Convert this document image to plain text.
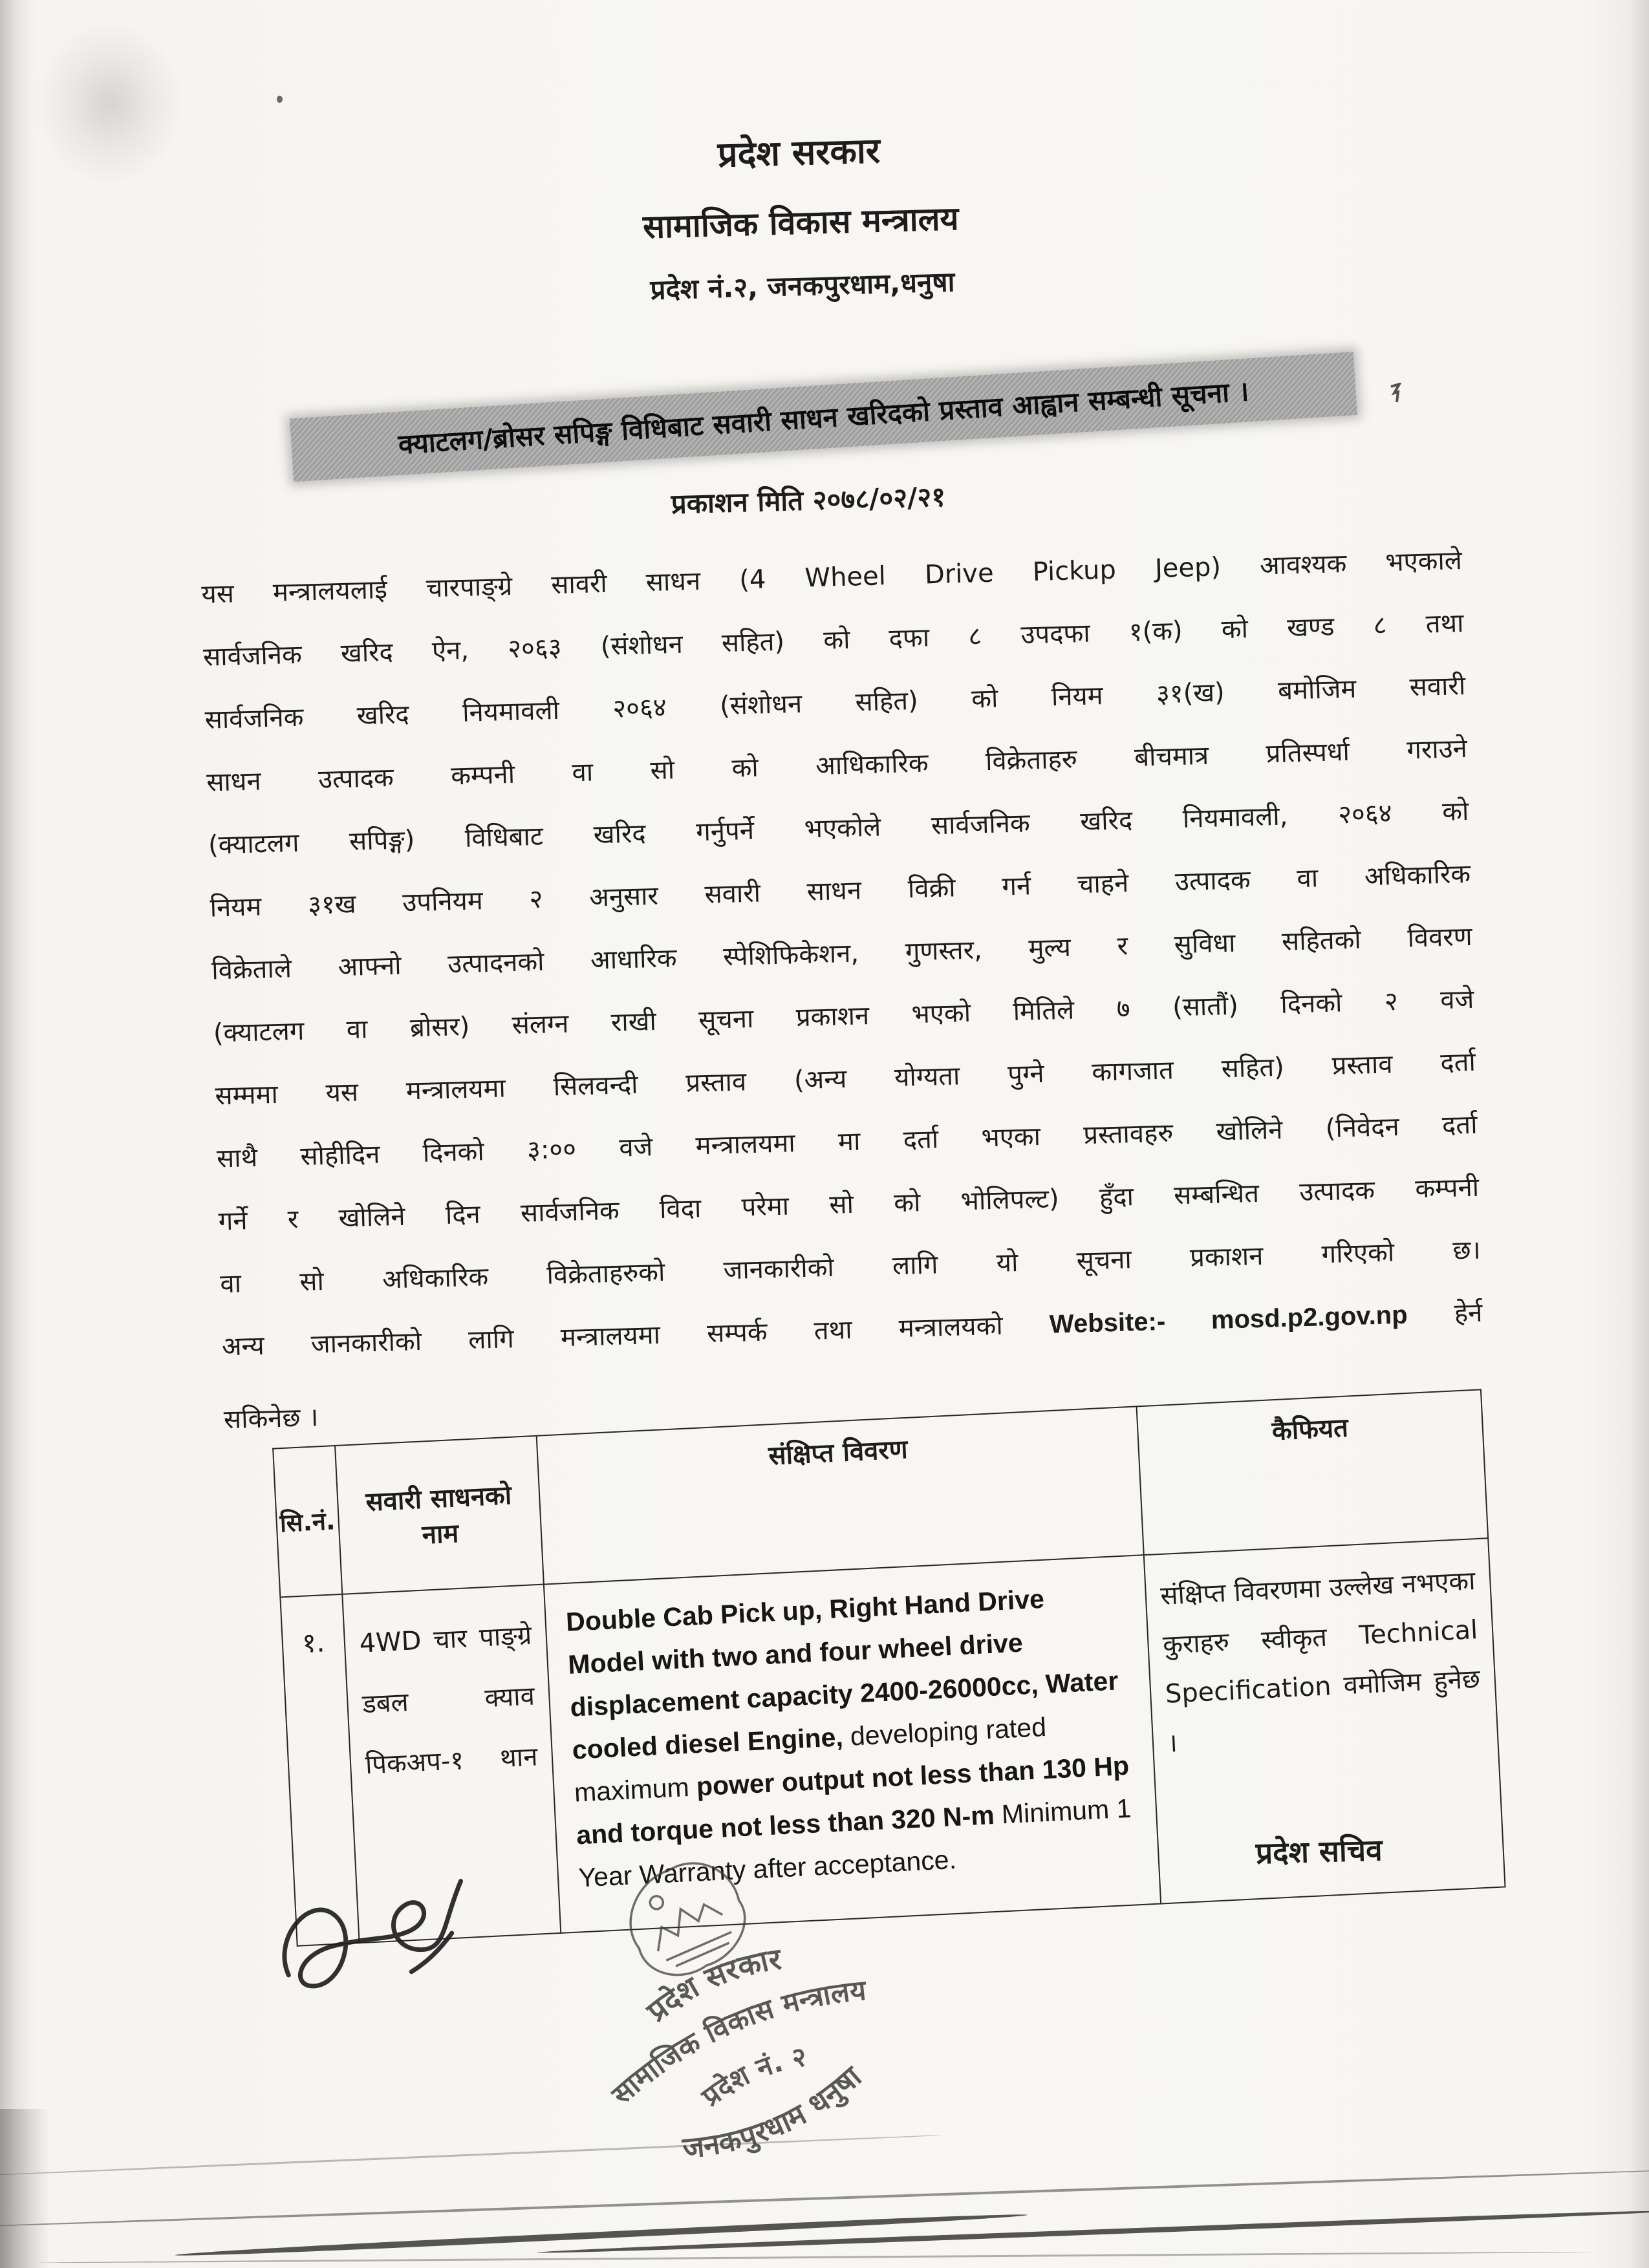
प्रदेश सरकार
सामाजिक विकास मन्त्रालय
प्रदेश नं.२, जनकपुरधाम,धनुषा
क्याटलग/ब्रोसर सपिङ्ग विधिबाट सवारी साधन खरिदको प्रस्ताव आह्वान सम्बन्धी सूचना ।
प्रकाशन मिति २०७८/०२/२१
यस मन्त्रालयलाई चारपाङ्ग्रे सावरी साधन (4 Wheel Drive Pickup Jeep) आवश्यक भएकाले
सार्वजनिक खरिद ऐन, २०६३ (संशोधन सहित) को दफा ८ उपदफा १(क) को खण्ड ८ तथा
सार्वजनिक खरिद नियमावली २०६४ (संशोधन सहित) को नियम ३१(ख) बमोजिम सवारी
साधन उत्पादक कम्पनी वा सो को आधिकारिक विक्रेताहरु बीचमात्र प्रतिस्पर्धा गराउने
(क्याटलग सपिङ्ग) विधिबाट खरिद गर्नुपर्ने भएकोले सार्वजनिक खरिद नियमावली, २०६४ को
नियम ३१ख उपनियम २ अनुसार सवारी साधन विक्री गर्न चाहने उत्पादक वा अधिकारिक
विक्रेताले आफ्नो उत्पादनको आधारिक स्पेशिफिकेशन, गुणस्तर, मुल्य र सुविधा सहितको विवरण
(क्याटलग वा ब्रोसर) संलग्न राखी सूचना प्रकाशन भएको मितिले ७ (सातौं) दिनको २ वजे
सम्ममा यस मन्त्रालयमा सिलवन्दी प्रस्ताव (अन्य योग्यता पुग्ने कागजात सहित) प्रस्ताव दर्ता
साथै सोहीदिन दिनको ३:०० वजे मन्त्रालयमा मा दर्ता भएका प्रस्तावहरु खोलिने (निवेदन दर्ता
गर्ने र खोलिने दिन सार्वजनिक विदा परेमा सो को भोलिपल्ट) हुँदा सम्बन्धित उत्पादक कम्पनी
वा सो अधिकारिक विक्रेताहरुको जानकारीको लागि यो सूचना प्रकाशन गरिएको छ।
अन्य जानकारीको लागि मन्त्रालयमा सम्पर्क तथा मन्त्रालयको Website:- mosd.p2.gov.np हेर्न
सकिनेछ ।
सि.नं.	सवारी साधनको नाम	संक्षिप्त विवरण	कैफियत
१.	4WD चार पाङ्ग्रे डबल क्याव पिकअप-१ थान	Double Cab Pick up, Right Hand Drive Model with two and four wheel drive displacement capacity 2400-26000cc, Water cooled diesel Engine, developing rated maximum power output not less than 130 Hp and torque not less than 320 N-m Minimum 1 Year Warranty after acceptance.	संक्षिप्त विवरणमा उल्लेख नभएका कुराहरु स्वीकृत Technical Specification वमोजिम हुनेछ ।
प्रदेश सचिव
प्रदेश सरकार
सामाजिक विकास मन्त्रालय
प्रदेश नं. २
जनकपुरधाम धनुषा
